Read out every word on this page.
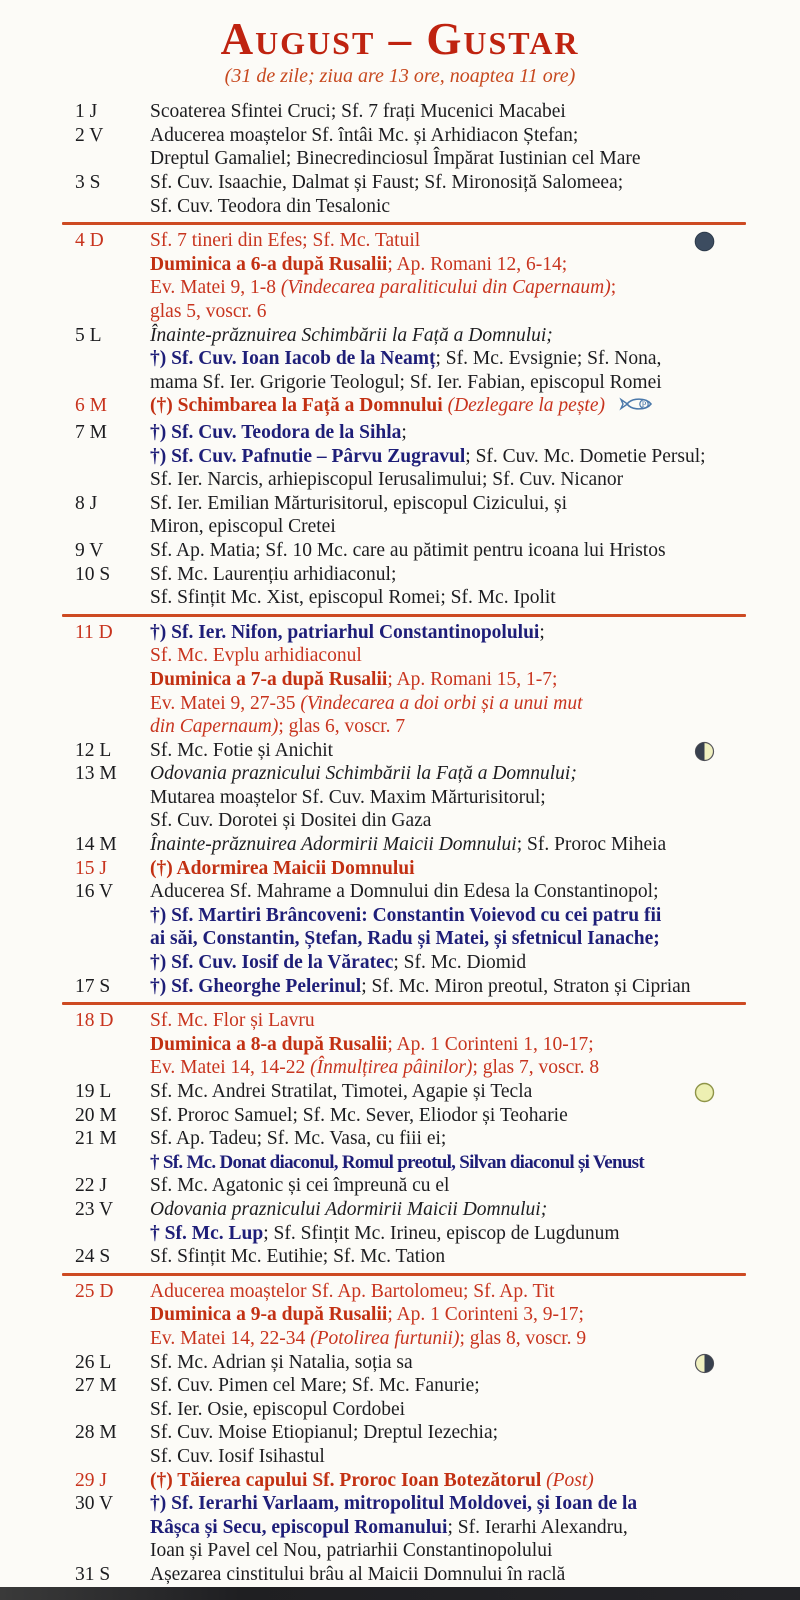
August – Gustar
(31 de zile; ziua are 13 ore, noaptea 11 ore)
1 J	Scoaterea Sfintei Cruci; Sf. 7 frați Mucenici Macabei
2 V	Aducerea moaștelor Sf. întâi Mc. și Arhidiacon Ștefan;
Dreptul Gamaliel; Binecredinciosul Împărat Iustinian cel Mare
3 S	Sf. Cuv. Isaachie, Dalmat și Faust; Sf. Mironosiță Salomeea;
Sf. Cuv. Teodora din Tesalonic
4 D	Sf. 7 tineri din Efes; Sf. Mc. Tatuil
Duminica a 6-a după Rusalii; Ap. Romani 12, 6-14;
Ev. Matei 9, 1-8 (Vindecarea paraliticului din Capernaum);
glas 5, voscr. 6
5 L	Înainte-prăznuirea Schimbării la Față a Domnului;
†) Sf. Cuv. Ioan Iacob de la Neamț; Sf. Mc. Evsignie; Sf. Nona,
mama Sf. Ier. Grigorie Teologul; Sf. Ier. Fabian, episcopul Romei
6 M	(†) Schimbarea la Față a Domnului (Dezlegare la pește)	P
7 M	†) Sf. Cuv. Teodora de la Sihla;
†) Sf. Cuv. Pafnutie – Pârvu Zugravul; Sf. Cuv. Mc. Dometie Persul;
Sf. Ier. Narcis, arhiepiscopul Ierusalimului; Sf. Cuv. Nicanor
8 J	Sf. Ier. Emilian Mărturisitorul, episcopul Cizicului, și
Miron, episcopul Cretei
9 V	Sf. Ap. Matia; Sf. 10 Mc. care au pătimit pentru icoana lui Hristos
10 S	Sf. Mc. Laurențiu arhidiaconul;
Sf. Sfințit Mc. Xist, episcopul Romei; Sf. Mc. Ipolit
11 D	†) Sf. Ier. Nifon, patriarhul Constantinopolului;
Sf. Mc. Evplu arhidiaconul
Duminica a 7-a după Rusalii; Ap. Romani 15, 1-7;
Ev. Matei 9, 27-35 (Vindecarea a doi orbi și a unui mut
din Capernaum); glas 6, voscr. 7
12 L	Sf. Mc. Fotie și Anichit
13 M	Odovania praznicului Schimbării la Față a Domnului;
Mutarea moaștelor Sf. Cuv. Maxim Mărturisitorul;
Sf. Cuv. Dorotei și Dositei din Gaza
14 M	Înainte-prăznuirea Adormirii Maicii Domnului; Sf. Proroc Miheia
15 J	(†) Adormirea Maicii Domnului
16 V	Aducerea Sf. Mahrame a Domnului din Edesa la Constantinopol;
†) Sf. Martiri Brâncoveni: Constantin Voievod cu cei patru fii
ai săi, Constantin, Ștefan, Radu și Matei, și sfetnicul Ianache;
†) Sf. Cuv. Iosif de la Văratec; Sf. Mc. Diomid
17 S	†) Sf. Gheorghe Pelerinul; Sf. Mc. Miron preotul, Straton și Ciprian
18 D	Sf. Mc. Flor și Lavru
Duminica a 8-a după Rusalii; Ap. 1 Corinteni 1, 10-17;
Ev. Matei 14, 14-22 (Înmulțirea pâinilor); glas 7, voscr. 8
19 L	Sf. Mc. Andrei Stratilat, Timotei, Agapie și Tecla
20 M	Sf. Proroc Samuel; Sf. Mc. Sever, Eliodor și Teoharie
21 M	Sf. Ap. Tadeu; Sf. Mc. Vasa, cu fiii ei;
† Sf. Mc. Donat diaconul, Romul preotul, Silvan diaconul și Venust
22 J	Sf. Mc. Agatonic și cei împreună cu el
23 V	Odovania praznicului Adormirii Maicii Domnului;
† Sf. Mc. Lup; Sf. Sfințit Mc. Irineu, episcop de Lugdunum
24 S	Sf. Sfințit Mc. Eutihie; Sf. Mc. Tation
25 D	Aducerea moaștelor Sf. Ap. Bartolomeu; Sf. Ap. Tit
Duminica a 9-a după Rusalii; Ap. 1 Corinteni 3, 9-17;
Ev. Matei 14, 22-34 (Potolirea furtunii); glas 8, voscr. 9
26 L	Sf. Mc. Adrian și Natalia, soția sa
27 M	Sf. Cuv. Pimen cel Mare; Sf. Mc. Fanurie;
Sf. Ier. Osie, episcopul Cordobei
28 M	Sf. Cuv. Moise Etiopianul; Dreptul Iezechia;
Sf. Cuv. Iosif Isihastul
29 J	(†) Tăierea capului Sf. Proroc Ioan Botezătorul (Post)
30 V	†) Sf. Ierarhi Varlaam, mitropolitul Moldovei, și Ioan de la
Râșca și Secu, episcopul Romanului; Sf. Ierarhi Alexandru,
Ioan și Pavel cel Nou, patriarhii Constantinopolului
31 S	Așezarea cinstitului brâu al Maicii Domnului în raclă
